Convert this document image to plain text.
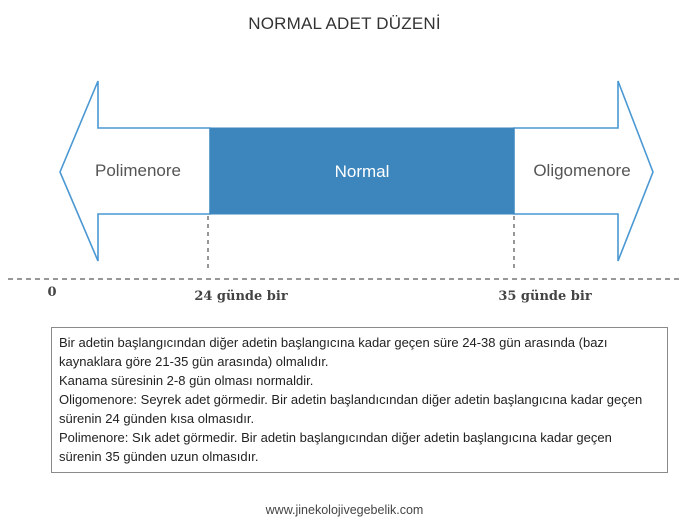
NORMAL ADET DÜZENİ
Polimenore	Normal	Oligomenore
0	24 günde bir	35 günde bir

Bir adetin başlangıcından diğer adetin başlangıcına kadar geçen süre 24-38 gün arasında (bazı

kaynaklara göre 21-35 gün arasında) olmalıdır.

Kanama süresinin 2-8 gün olması normaldir.

Oligomenore: Seyrek adet görmedir. Bir adetin başlandıcından diğer adetin başlangıcına kadar geçen

sürenin 24 günden kısa olmasıdır.

Polimenore: Sık adet görmedir. Bir adetin başlangıcından diğer adetin başlangıcına kadar geçen

sürenin 35 günden uzun olmasıdır.

www.jinekolojivegebelik.com
